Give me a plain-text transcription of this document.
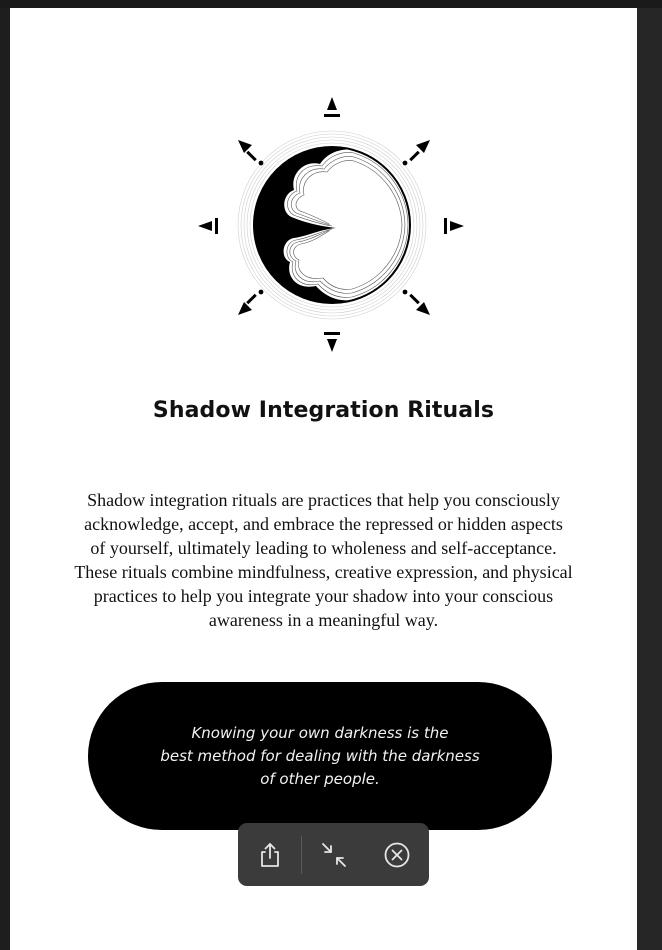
Shadow Integration Rituals
Shadow integration rituals are practices that help you consciously
acknowledge, accept, and embrace the repressed or hidden aspects
of yourself, ultimately leading to wholeness and self-acceptance.
These rituals combine mindfulness, creative expression, and physical
practices to help you integrate your shadow into your conscious
awareness in a meaningful way.
Knowing your own darkness is the
best method for dealing with the darkness
of other people.
